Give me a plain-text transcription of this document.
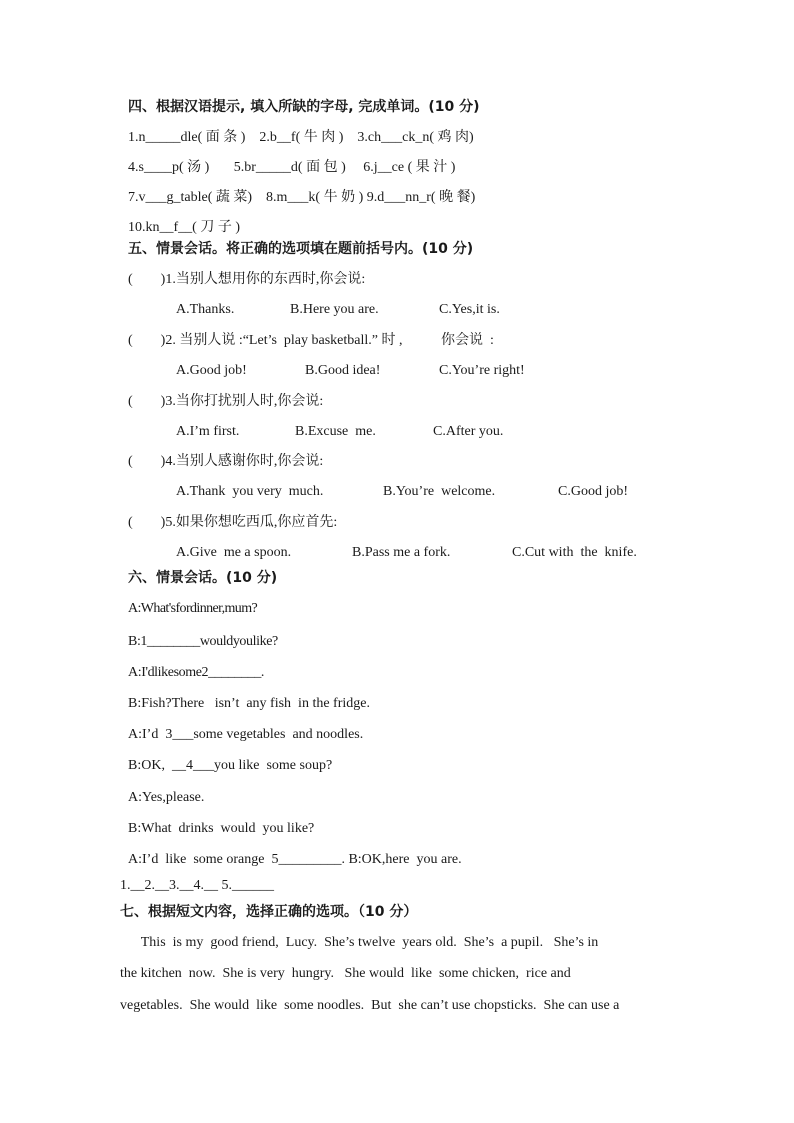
四、根据汉语提示, 填入所缺的字母, 完成单词。(10 分)
1.n_____dle( 面 条 )    2.b__f( 牛 肉 )    3.ch___ck_n( 鸡 肉)
4.s____p( 汤 )       5.br_____d( 面 包 )     6.j__ce ( 果 汁 )
7.v___g_table( 蔬 菜)    8.m___k( 牛 奶 ) 9.d___nn_r( 晚 餐)
10.kn__f__( 刀 子 )
五、情景会话。将正确的选项填在题前括号内。(10 分)
(        )1.当别人想用你的东西时,你会说:
A.Thanks.	B.Here you are.	C.Yes,it is.
(        )2. 当别人说 :“Let’s  play basketball.” 时 ,           你会说  :
A.Good job!	B.Good idea!	C.You’re right!
(        )3.当你打扰别人时,你会说:
A.I’m first.	B.Excuse  me.	C.After you.
(        )4.当别人感谢你时,你会说:
A.Thank  you very  much.	B.You’re  welcome.	C.Good job!
(        )5.如果你想吃西瓜,你应首先:
A.Give  me a spoon.	B.Pass me a fork.	C.Cut with  the  knife.
六、情景会话。(10 分)
A:What'sfordinner,mum?
B:1________wouldyoulike?
A:I'dlikesome2________.
B:Fish?There   isn’t  any fish  in the fridge.
A:I’d  3___some vegetables  and noodles.
B:OK,  __4___you like  some soup?
A:Yes,please.
B:What  drinks  would  you like?
A:I’d  like  some orange  5_________. B:OK,here  you are.
1.__2.__3.__4.__ 5.______
七、根据短文内容，选择正确的选项。（10 分）
This  is my  good friend,  Lucy.  She’s twelve  years old.  She’s  a pupil.   She’s in
the kitchen  now.  She is very  hungry.   She would  like  some chicken,  rice and
vegetables.  She would  like  some noodles.  But  she can’t use chopsticks.  She can use a
